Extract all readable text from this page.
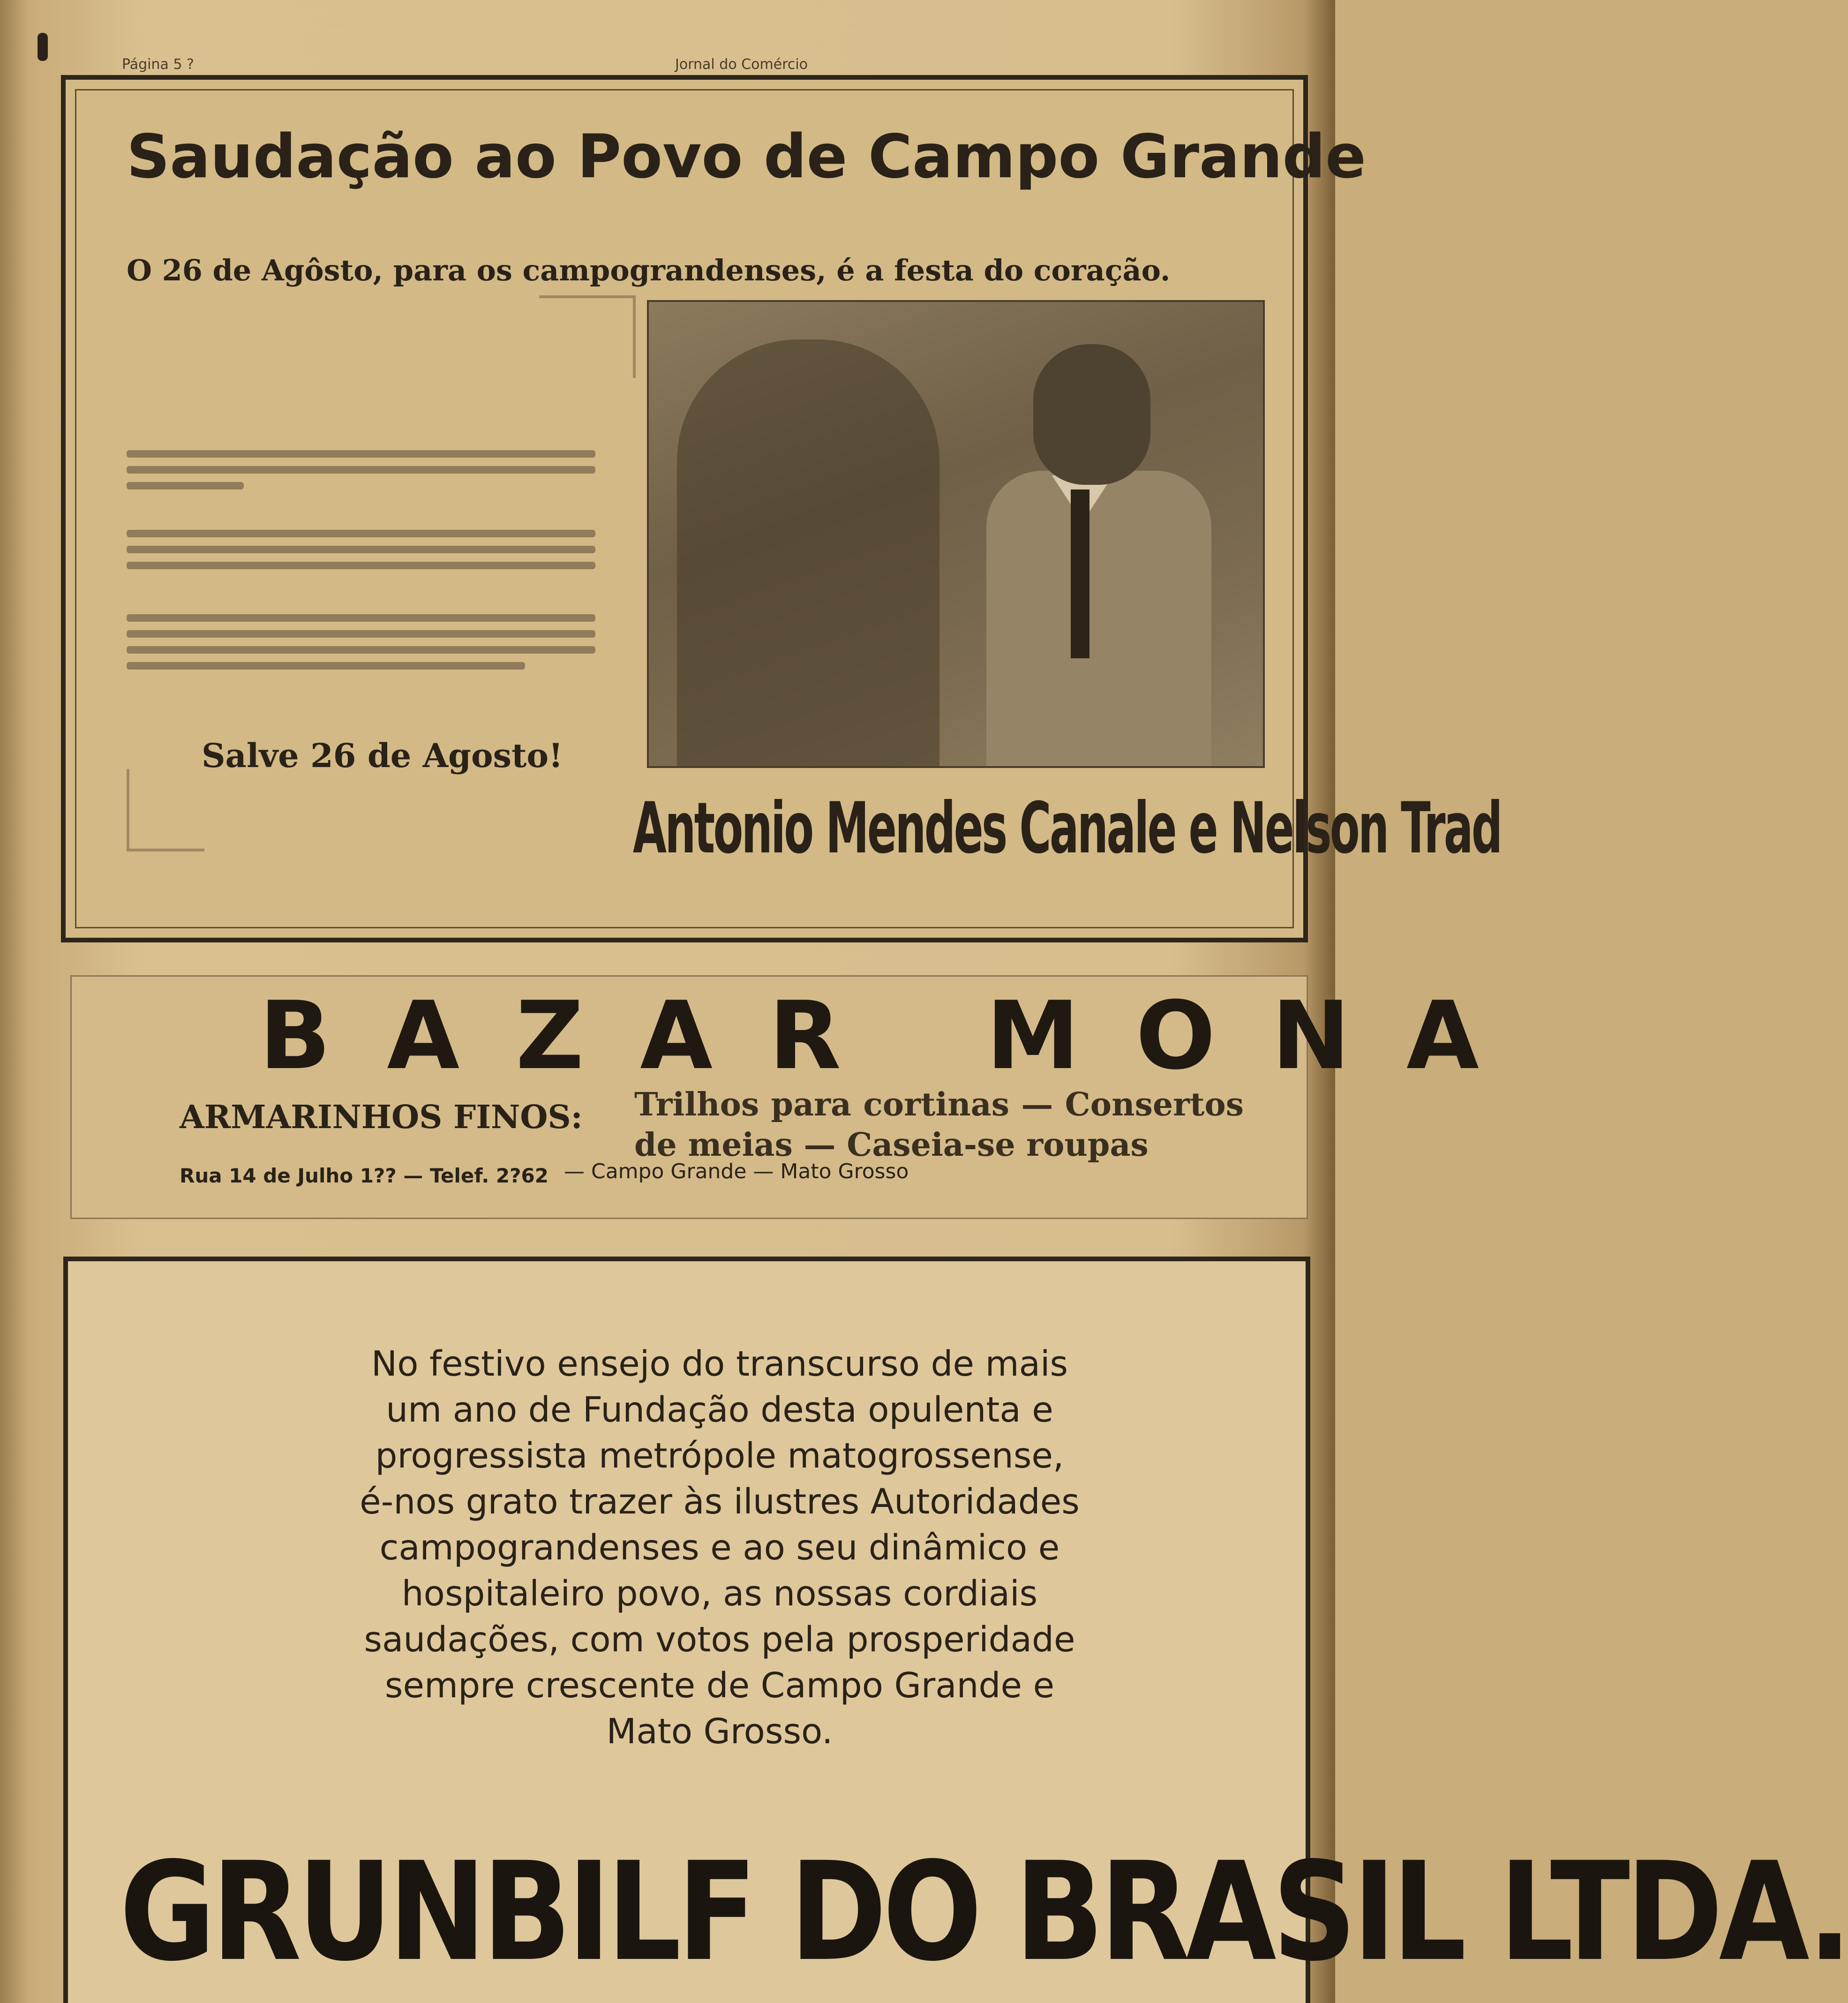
Página 5 ?	Jornal do Comércio
Saudação ao Povo de Campo Grande
O 26 de Agôsto, para os campograndenses, é a festa do coração.
Salve 26 de Agosto!
Antonio Mendes Canale e Nelson Trad
BAZAR MONA
ARMARINHOS FINOS: Trilhos para cortinas — Consertos de meias — Caseia-se roupas
Rua 14 de Julho 1?? — Telef. 2?62 — Campo Grande — Mato Grosso
No festivo ensejo do transcurso de mais um ano de Fundação desta opulenta e progressista metrópole matogrossense, é-nos grato trazer às ilustres Autoridades campograndenses e ao seu dinâmico e hospitaleiro povo, as nossas cordiais saudações, com votos pela prosperidade sempre crescente de Campo Grande e Mato Grosso.
GRUNBILF DO BRASIL LTDA.
